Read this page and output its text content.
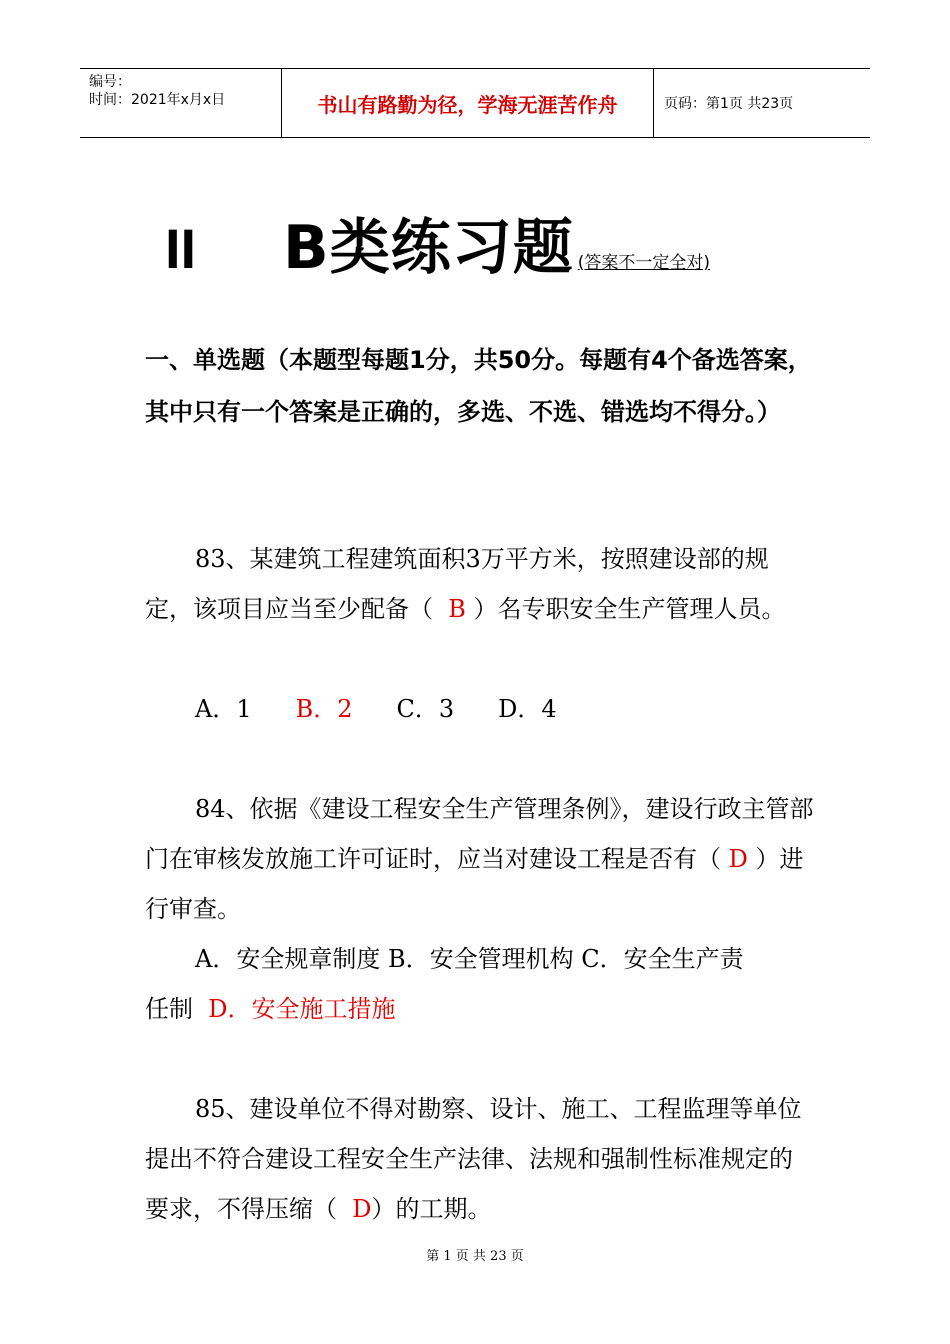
编号：
时间：2021年x月x日	书山有路勤为径，学海无涯苦作舟	页码：第1页 共23页
II	B类练习题 (答案不一定全对)
一、单选题（本题型每题1分，共50分。每题有4个备选答案，其中只有一个答案是正确的，多选、不选、错选均不得分。）
83、某建筑工程建筑面积3万平方米，按照建设部的规定，该项目应当至少配备（ B ）名专职安全生产管理人员。
A．1 B．2 C．3 D．4
84、依据《建设工程安全生产管理条例》，建设行政主管部门在审核发放施工许可证时，应当对建设工程是否有（ D ）进行审查。
A．安全规章制度 B．安全管理机构 C．安全生产责
任制 D．安全施工措施
85、建设单位不得对勘察、设计、施工、工程监理等单位提出不符合建设工程安全生产法律、法规和强制性标准规定的要求，不得压缩（ D）的工期。
第 1 页 共 23 页
